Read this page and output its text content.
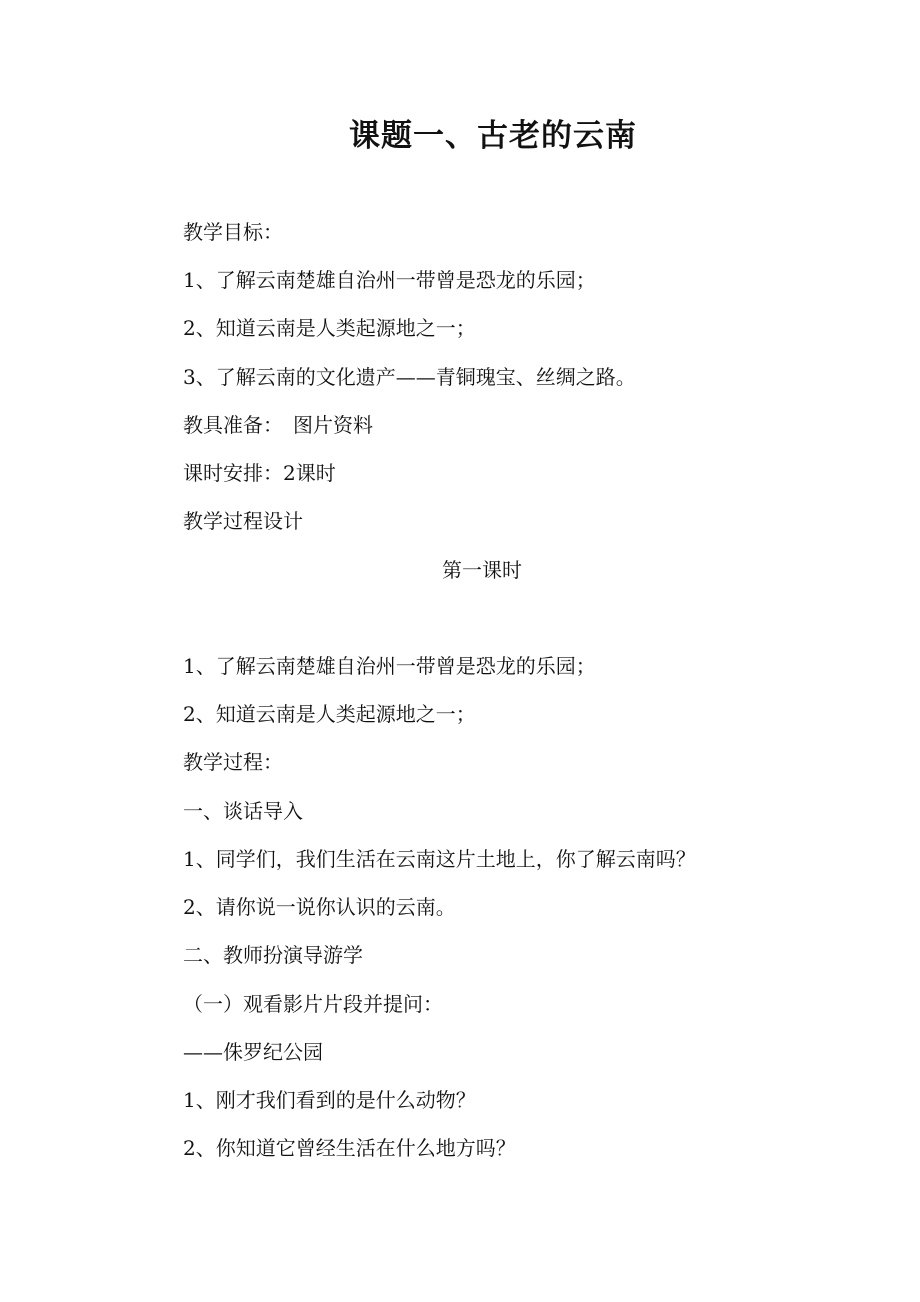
课题一、古老的云南
教学目标：
1、了解云南楚雄自治州一带曾是恐龙的乐园；
2、知道云南是人类起源地之一；
3、了解云南的文化遗产——青铜瑰宝、丝绸之路。
教具准备：　图片资料
课时安排：2课时
教学过程设计
第一课时
1、了解云南楚雄自治州一带曾是恐龙的乐园；
2、知道云南是人类起源地之一；
教学过程：
一、谈话导入
1、同学们，我们生活在云南这片土地上，你了解云南吗？
2、请你说一说你认识的云南。
二、教师扮演导游学
（一）观看影片片段并提问：
——侏罗纪公园
1、刚才我们看到的是什么动物？
2、你知道它曾经生活在什么地方吗？
